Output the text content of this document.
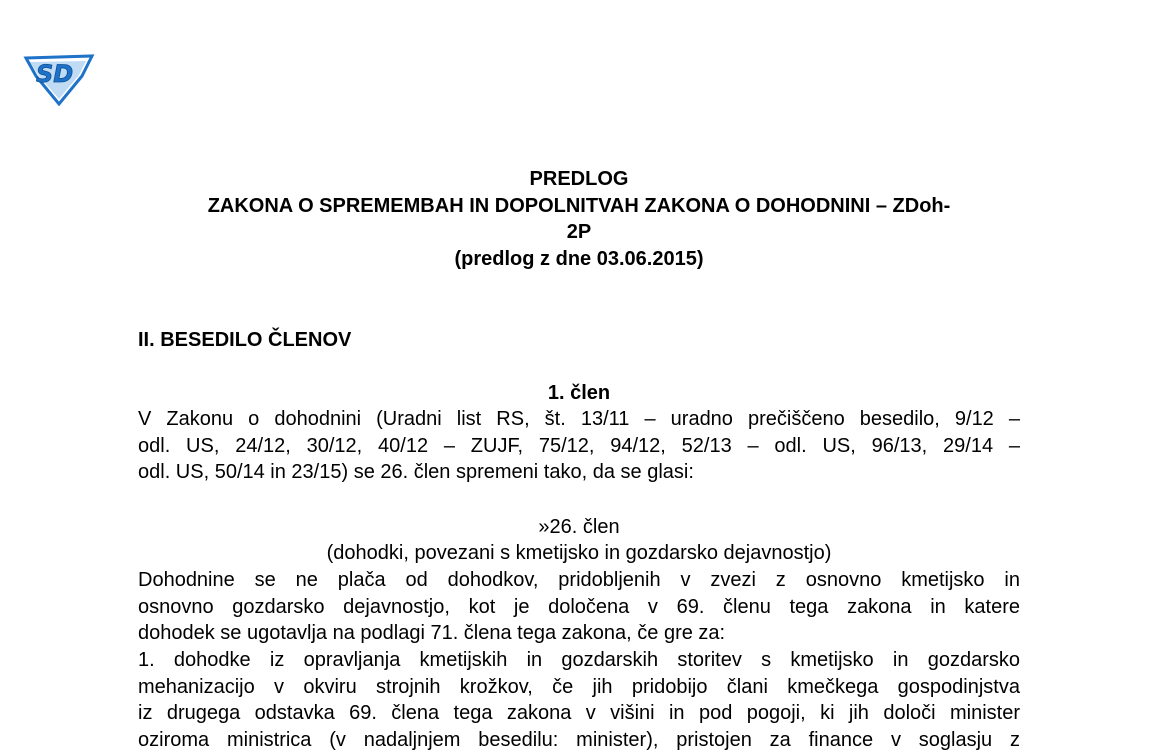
SD
PREDLOG
ZAKONA O SPREMEMBAH IN DOPOLNITVAH ZAKONA O DOHODNINI – ZDoh-
2P
(predlog z dne 03.06.2015)
II. BESEDILO ČLENOV
1. člen
V Zakonu o dohodnini (Uradni list RS, št. 13/11 – uradno prečiščeno besedilo, 9/12 –
odl. US, 24/12, 30/12, 40/12 – ZUJF, 75/12, 94/12, 52/13 – odl. US, 96/13, 29/14 –
odl. US, 50/14 in 23/15) se 26. člen spremeni tako, da se glasi:
»26. člen
(dohodki, povezani s kmetijsko in gozdarsko dejavnostjo)
Dohodnine se ne plača od dohodkov, pridobljenih v zvezi z osnovno kmetijsko in
osnovno gozdarsko dejavnostjo, kot je določena v 69. členu tega zakona in katere
dohodek se ugotavlja na podlagi 71. člena tega zakona, če gre za:
1. dohodke iz opravljanja kmetijskih in gozdarskih storitev s kmetijsko in gozdarsko
mehanizacijo v okviru strojnih krožkov, če jih pridobijo člani kmečkega gospodinjstva
iz drugega odstavka 69. člena tega zakona v višini in pod pogoji, ki jih določi minister
oziroma ministrica (v nadaljnjem besedilu: minister), pristojen za finance v soglasju z
